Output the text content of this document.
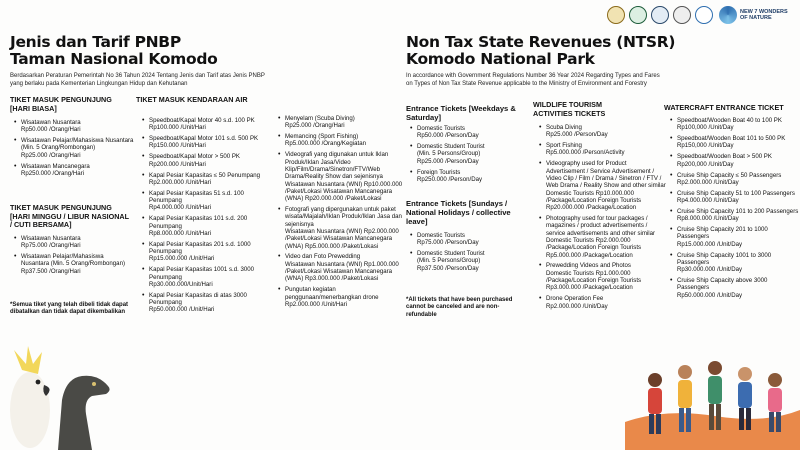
NEW 7 WONDERS OF NATURE
Jenis dan Tarif PNBP
Taman Nasional Komodo
Berdasarkan Peraturan Pemerintah No 36 Tahun 2024 Tentang Jenis dan Tarif atas Jenis PNBP yang berlaku pada Kementerian Lingkungan Hidup dan Kehutanan
TIKET MASUK PENGUNJUNG [HARI BIASA]
• Wisatawan Nusantara
Rp50.000 /Orang/Hari
• Wisatawan Pelajar/Mahasiswa Nusantara
(Min. 5 Orang/Rombongan)
Rp25.000 /Orang/Hari
• Wisatawan Mancanegara
Rp250.000 /Orang/Hari
TIKET MASUK PENGUNJUNG [HARI MINGGU / LIBUR NASIONAL / CUTI BERSAMA]
• Wisatawan Nusantara
Rp75.000 /Orang/Hari
• Wisatawan Pelajar/Mahasiswa Nusantara (Min. 5 Orang/Rombongan)
Rp37.500 /Orang/Hari
*Semua tiket yang telah dibeli tidak dapat dibatalkan dan tidak dapat dikembalikan
TIKET MASUK KENDARAAN AIR
• Speedboat/Kapal Motor 40 s.d. 100 PK
Rp100.000 /Unit/Hari
• Speedboat/Kapal Motor 101 s.d. 500 PK
Rp150.000 /Unit/Hari
• Speedboat/Kapal Motor > 500 PK
Rp200.000 /Unit/Hari
• Kapal Pesiar Kapasitas ≤ 50 Penumpang
Rp2.000.000 /Unit/Hari
• Kapal Pesiar Kapasitas 51 s.d. 100 Penumpang
Rp4.000.000 /Unit/Hari
• Kapal Pesiar Kapasitas 101 s.d. 200 Penumpang
Rp8.000.000 /Unit/Hari
• Kapal Pesiar Kapasitas 201 s.d. 1000 Penumpang
Rp15.000.000 /Unit/Hari
• Kapal Pesiar Kapasitas 1001 s.d. 3000 Penumpang
Rp30.000.000/Unit/Hari
• Kapal Pesiar Kapasitas di atas 3000 Penumpang
Rp50.000.000 /Unit/Hari
• Menyelam (Scuba Diving)
Rp25.000 /Orang/Hari
• Memancing (Sport Fishing)
Rp5.000.000 /Orang/Kegiatan
• Videografi yang digunakan untuk Iklan Produk/Iklan Jasa/Video Klip/Film/Drama/Sinetron/FTV/Web Drama/Reality Show dan sejenisnya
Wisatawan Nusantara (WNI) Rp10.000.000 /Paket/Lokasi Wisatawan Mancanegara (WNA) Rp20.000.000 /Paket/Lokasi
• Fotografi yang dipergunakan untuk paket wisata/Majalah/Iklan Produk/Iklan Jasa dan sejenisnya
Wisatawan Nusantara (WNI) Rp2.000.000 /Paket/Lokasi Wisatawan Mancanegara (WNA) Rp5.000.000 /Paket/Lokasi
• Video dan Foto Prewedding
Wisatawan Nusantara (WNI) Rp1.000.000 /Paket/Lokasi Wisatawan Mancanegara (WNA) Rp3.000.000 /Paket/Lokasi
• Pungutan kegiatan penggunaan/menerbangkan drone
Rp2.000.000 /Unit/Hari
Non Tax State Revenues (NTSR)
Komodo National Park
In accordance with Government Regulations Number 36 Year 2024 Regarding Types and Fares on Types of Non Tax State Revenue applicable to the Ministry of Environment and Forestry
Entrance Tickets [Weekdays & Saturday]
• Domestic Tourists
Rp50.000 /Person/Day
• Domestic Student Tourist
(Min. 5 Persons/Group)
Rp25.000 /Person/Day
• Foreign Tourists
Rp250.000 /Person/Day
Entrance Tickets [Sundays / National Holidays / collective leave]
• Domestic Tourists
Rp75.000 /Person/Day
• Domestic Student Tourist
(Min. 5 Persons/Group)
Rp37.500 /Person/Day
*All tickets that have been purchased cannot be canceled and are non-refundable
WILDLIFE TOURISM ACTIVITIES TICKETS
• Scuba Diving
Rp25.000 /Person/Day
• Sport Fishing
Rp5.000.000 /Person/Activity
• Videography used for Product Advertisement / Service Advertisement / Video Clip / Film / Drama / Sinetron / FTV / Web Drama / Reality Show and other similar
Domestic Tourists Rp10.000.000 /Package/Location Foreign Tourists Rp20.000.000 /Package/Location
• Photography used for tour packages / magazines / product advertisements / service advertisements and other similar
Domestic Tourists Rp2.000.000 /Package/Location Foreign Tourists Rp5.000.000 /Package/Location
• Prewedding Videos and Photos
Domestic Tourists Rp1.000.000 /Package/Location Foreign Tourists Rp3.000.000 /Package/Location
• Drone Operation Fee
Rp2.000.000 /Unit/Day
WATERCRAFT ENTRANCE TICKET
• Speedboat/Wooden Boat 40 to 100 PK
Rp100,000 /Unit/Day
• Speedboat/Wooden Boat 101 to 500 PK
Rp150,000 /Unit/Day
• Speedboat/Wooden Boat > 500 PK
Rp200,000 /Unit/Day
• Cruise Ship Capacity ≤ 50 Passengers
Rp2.000.000 /Unit/Day
• Cruise Ship Capacity 51 to 100 Passengers
Rp4.000.000 /Unit/Day
• Cruise Ship Capacity 101 to 200 Passengers
Rp8.000.000 /Unit/Day
• Cruise Ship Capacity 201 to 1000 Passengers
Rp15.000.000 /Unit/Day
• Cruise Ship Capacity 1001 to 3000 Passengers
Rp30.000.000 /Unit/Day
• Cruise Ship Capacity above 3000 Passengers
Rp50.000.000 /Unit/Day
